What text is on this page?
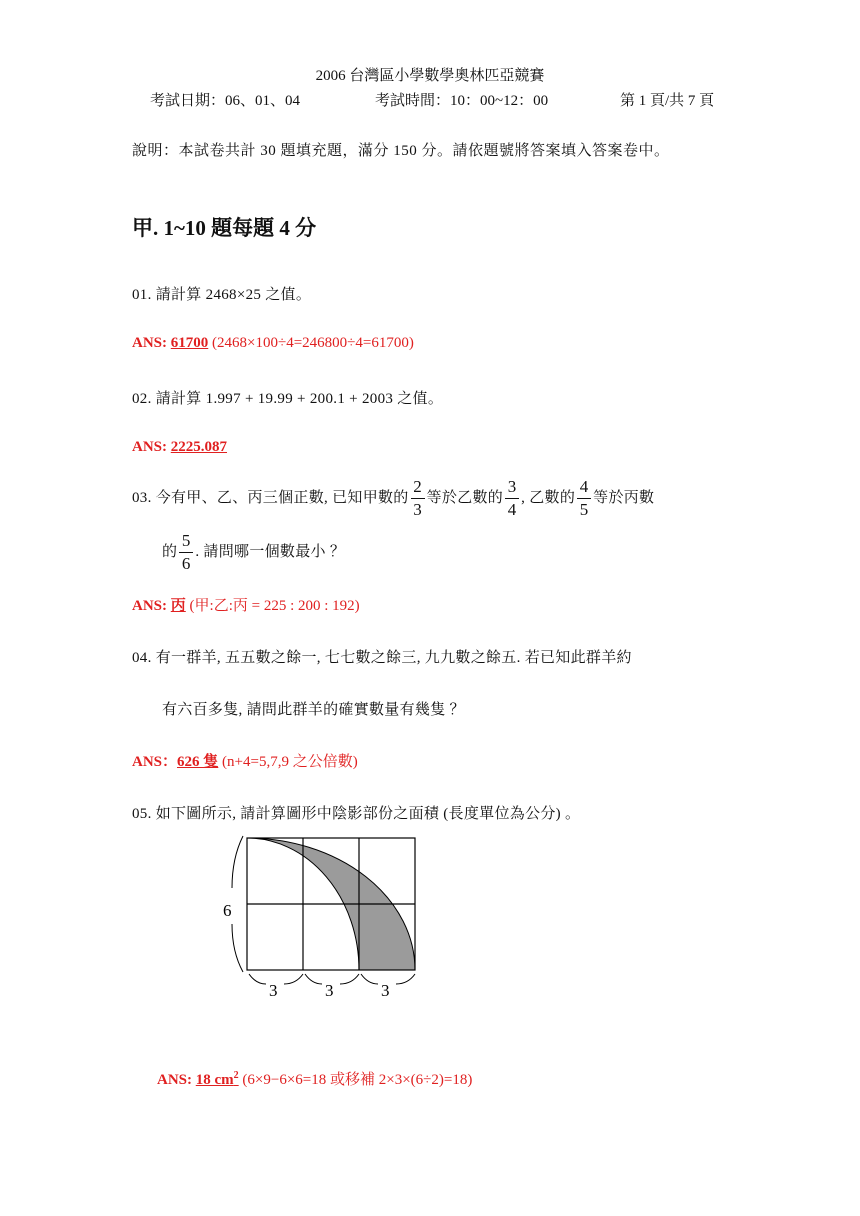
2006 台灣區小學數學奧林匹亞競賽
考試日期：06、01、04	考試時間：10：00~12：00	第 1 頁/共 7 頁
說明：本試卷共計 30 題填充題，滿分 150 分。請依題號將答案填入答案卷中。
甲. 1~10 題每題 4 分
01. 請計算 2468×25 之值。
ANS: 61700 (2468×100÷4=246800÷4=61700)
02. 請計算 1.997 + 19.99 + 200.1 + 2003 之值。
ANS: 2225.087
03. 今有甲、乙、丙三個正數, 已知甲數的 $\frac{2}{3}$ 等於乙數的 $\frac{3}{4}$ , 乙數的 $\frac{4}{5}$ 等於丙數
的 $\frac{5}{6}$ . 請問哪一個數最小 ？
ANS: 丙 (甲:乙:丙 = 225 : 200 : 192)
04. 有一群羊, 五五數之餘一, 七七數之餘三, 九九數之餘五. 若已知此群羊約
有六百多隻, 請問此群羊的確實數量有幾隻 ？
ANS：626 隻 (n+4=5,7,9 之公倍數)
05. 如下圖所示, 請計算圖形中陰影部份之面積 (長度單位為公分) 。
6
3	3	3
ANS: 18 $cm^2$ (6×9−6×6=18 或移補 2×3×(6÷2)=18)
